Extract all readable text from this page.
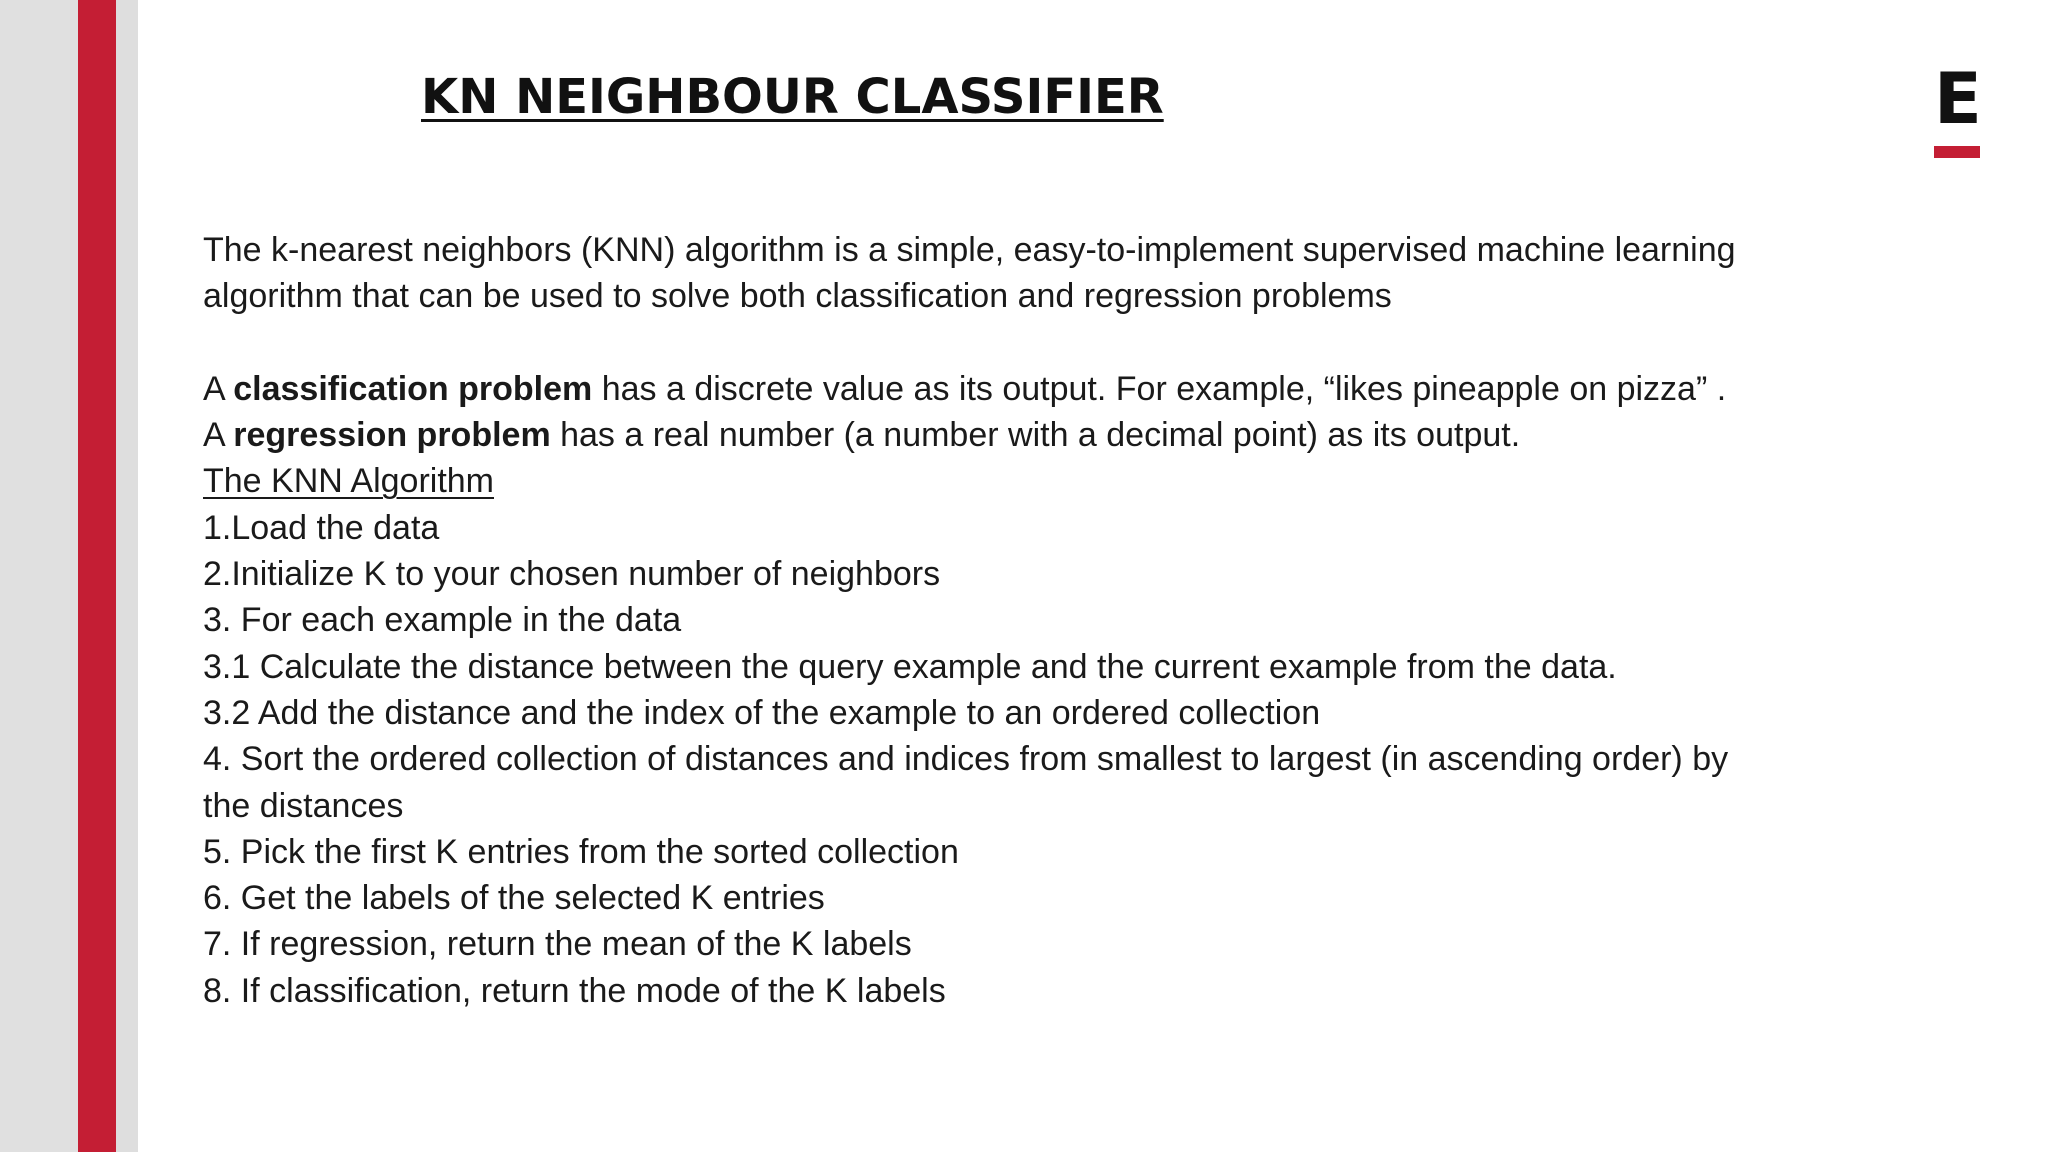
E
KN NEIGHBOUR CLASSIFIER
The k-nearest neighbors (KNN) algorithm is a simple, easy-to-implement supervised machine learning
algorithm that can be used to solve both classification and regression problems
A classification problem has a discrete value as its output. For example, “likes pineapple on pizza” .
A regression problem has a real number (a number with a decimal point) as its output.
The KNN Algorithm
1.Load the data
2.Initialize K to your chosen number of neighbors
3. For each example in the data
3.1 Calculate the distance between the query example and the current example from the data.
3.2 Add the distance and the index of the example to an ordered collection
4. Sort the ordered collection of distances and indices from smallest to largest (in ascending order) by
the distances
5. Pick the first K entries from the sorted collection
6. Get the labels of the selected K entries
7. If regression, return the mean of the K labels
8. If classification, return the mode of the K labels
